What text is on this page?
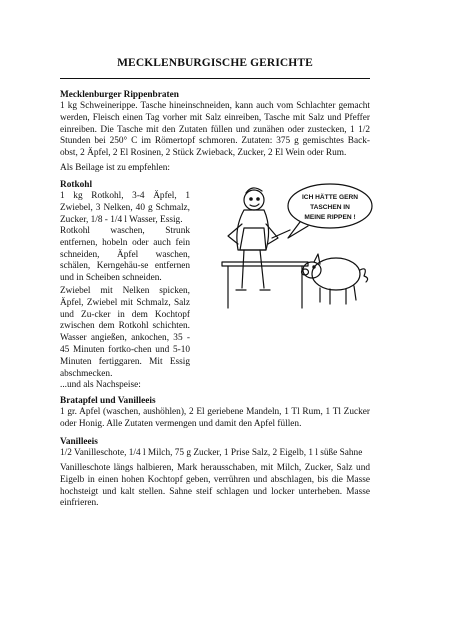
MECKLENBURGISCHE GERICHTE
Mecklenburger Rippenbraten

1 kg Schweinerippe. Tasche hineinschneiden, kann auch vom Schlachter gemacht werden, Fleisch einen Tag vorher mit Salz einreiben, Tasche mit Salz und Pfeffer einreiben. Die Tasche mit den Zutaten füllen und zunähen oder zustecken, 1 1/2 Stunden bei 250° C im Römertopf schmoren. Zutaten: 375 g gemischtes Back-obst, 2 Äpfel, 2 El Rosinen, 2 Stück Zwieback, Zucker, 2 El Wein oder Rum.

Als Beilage ist zu empfehlen:

Rotkohl

1 kg Rotkohl, 3-4 Äpfel, 1 Zwiebel, 3 Nelken, 40 g Schmalz, Zucker, 1/8 - 1/4 l Wasser, Essig.

Rotkohl waschen, Strunk entfernen, hobeln oder auch fein schneiden, Äpfel waschen, schälen, Kerngehäu-se entfernen und in Scheiben schneiden.

Zwiebel mit Nelken spicken, Äpfel, Zwiebel mit Schmalz, Salz und Zu-cker in dem Kochtopf zwischen dem Rotkohl schichten. Wasser angießen, ankochen, 35 - 45 Minuten fortko-chen und 5-10 Minuten fertiggaren. Mit Essig abschmecken.

...und als Nachspeise:

Bratapfel und Vanilleeis

1 gr. Apfel (waschen, aushöhlen), 2 El geriebene Mandeln, 1 Tl Rum, 1 Tl Zucker oder Honig. Alle Zutaten vermengen und damit den Apfel füllen.

Vanilleeis

1/2 Vanilleschote, 1/4 l Milch, 75 g Zucker, 1 Prise Salz, 2 Eigelb, 1 l süße Sahne

Vanilleschote längs halbieren, Mark herausschaben, mit Milch, Zucker, Salz und Eigelb in einen hohen Kochtopf geben, verrühren und abschlagen, bis die Masse hochsteigt und kalt stellen. Sahne steif schlagen und locker unterheben. Masse einfrieren.

ICH HÄTTE GERN
TASCHEN IN
MEINE RIPPEN !
